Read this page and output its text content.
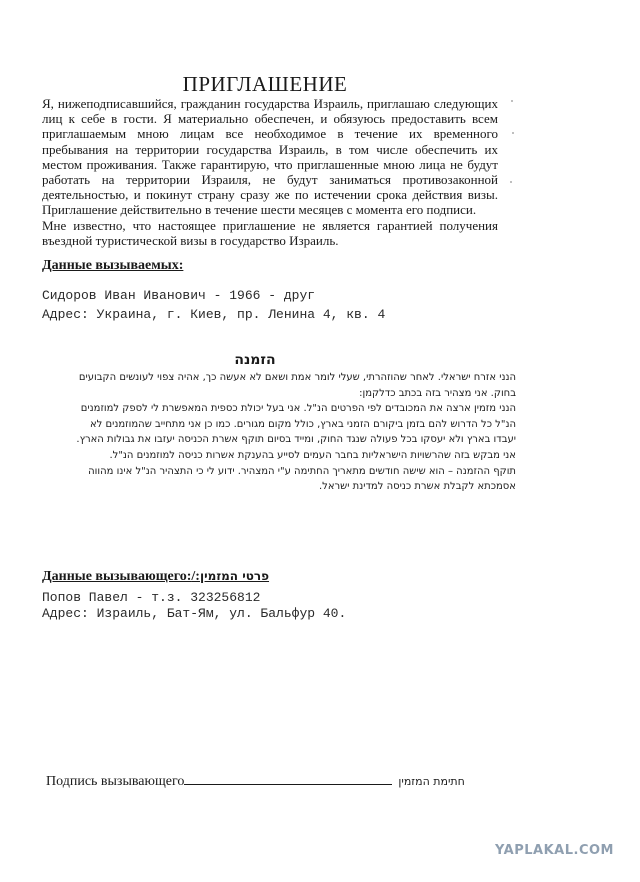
ПРИГЛАШЕНИЕ

Я, нижеподписавшийся, гражданин государства Израиль, приглашаю следующих лиц к себе в гости. Я материально обеспечен, и обязуюсь предоставить всем приглашаемым мною лицам все необходимое в течение их временного пребывания на территории государства Израиль, в том числе обеспечить их местом проживания. Также гарантирую, что приглашенные мною лица не будут работать на территории Израиля, не будут заниматься противозаконной деятельностью, и покинут страну сразу же по истечении срока действия визы. Приглашение действительно в течение шести месяцев с момента его подписи.

Мне известно, что настоящее приглашение не является гарантией получения въездной туристической визы в государство Израиль.

Данные вызываемых:
Сидоров Иван Иванович - 1966 - друг
Адрес: Украина, г. Киев, пр. Ленина 4, кв. 4
הזמנה
הנני אזרח ישראלי. לאחר שהוזהרתי, שעלי לומר אמת ושאם לא אעשה כך, אהיה צפוי לעונשים הקבועים
בחוק. אני מצהיר בזה בכתב כדלקמן:
הנני מזמין ארצה את המכובדים לפי הפרטים הנ"ל. אני בעל יכולת כספית המאפשרת לי לספק למוזמנים
הנ"ל כל הדרוש להם בזמן ביקורם הזמני בארץ, כולל מקום מגורים. כמו כן אני מתחייב שהמוזמנים לא
יעבדו בארץ ולא יעסקו בכל פעולה שנגד החוק, ומייד בסיום תוקף אשרת הכניסה יעזבו את גבולות הארץ.
אני מבקש בזה שהרשויות הישראליות בחבר העמים לסייע בהענקת אשרות כניסה למוזמנים הנ"ל.
תוקף ההזמנה – הוא שישה חודשים מתאריך החתימה ע"י המצהיר. ידוע לי כי התצהיר הנ"ל אינו מהווה
אסמכתא לקבלת אשרת כניסה למדינת ישראל.
Данные вызывающего:/:פרטי המזמין
Попов Павел - т.з. 323256812
Адрес: Израиль, Бат-Ям, ул. Бальфур 40.
Подпись вызывающего	חתימת המזמין
YAPLAKAL.COM
